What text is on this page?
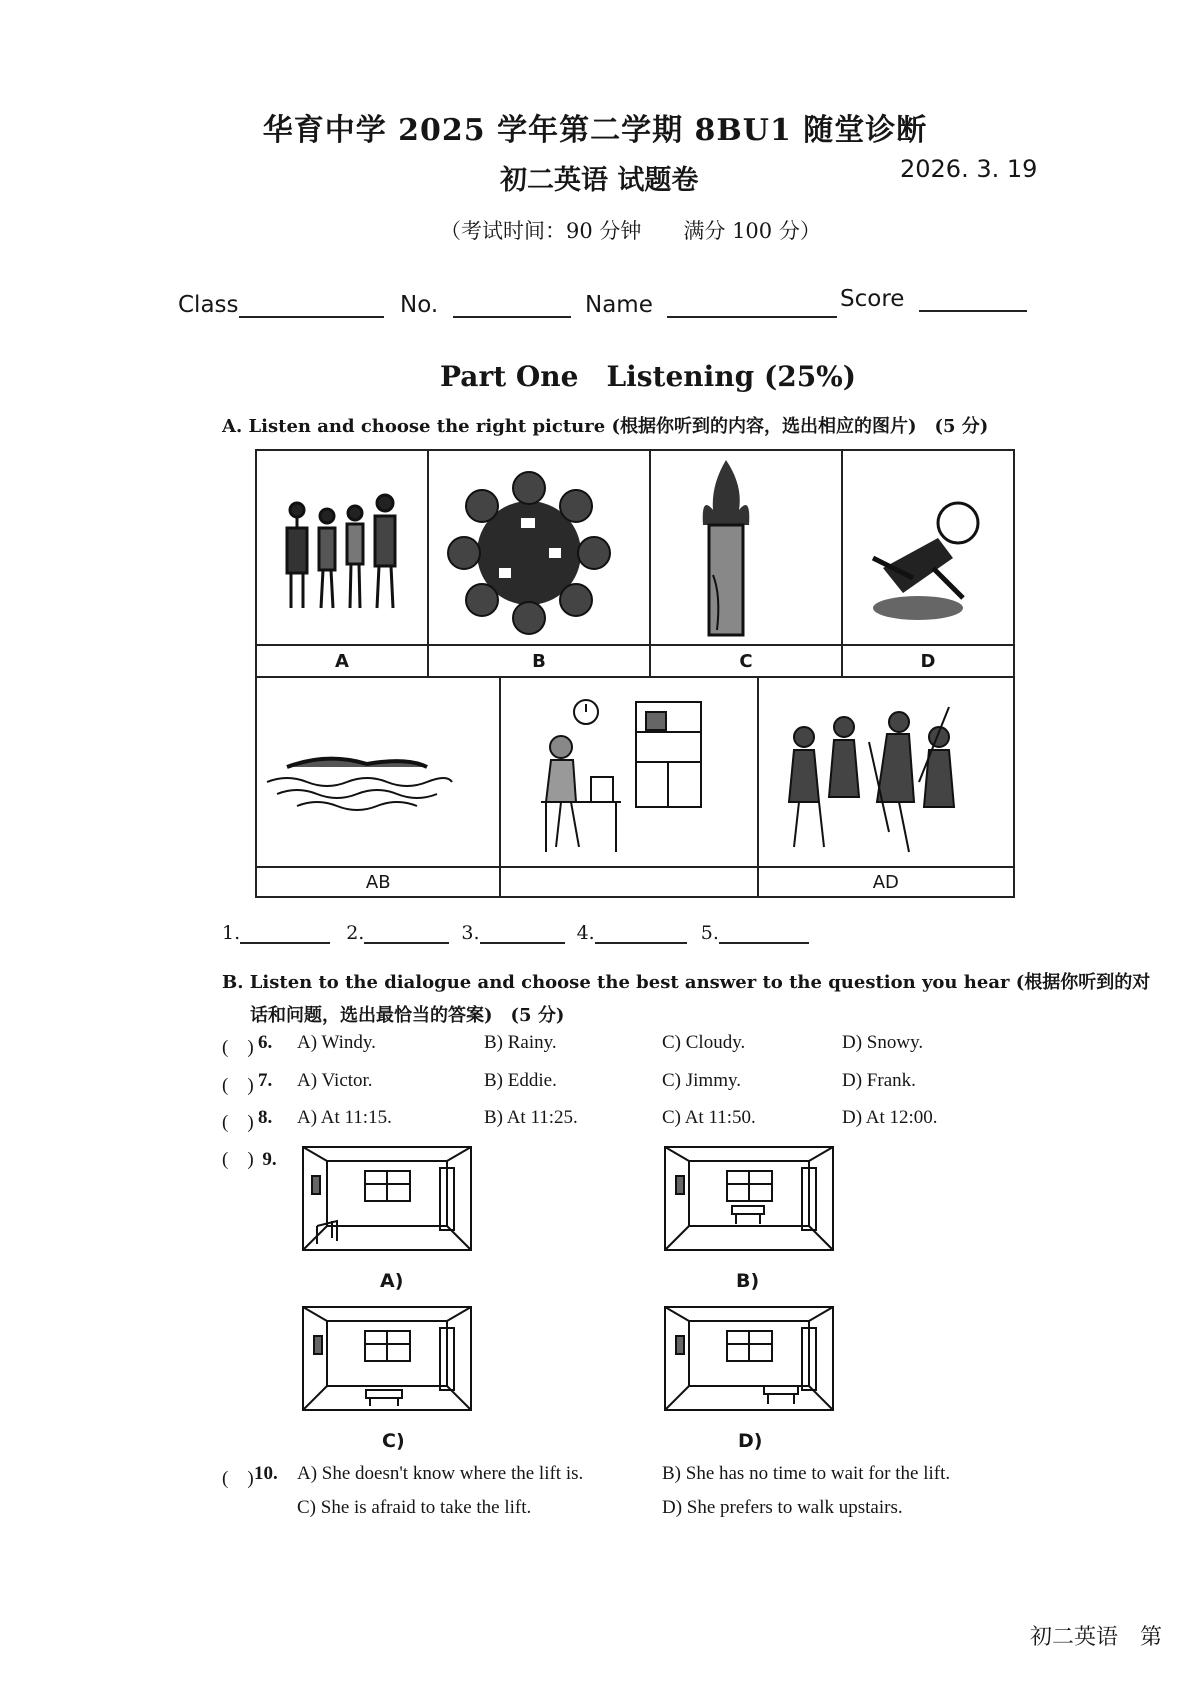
华育中学 2025 学年第二学期 8BU1 随堂诊断
初二英语 试题卷	2026. 3. 19
（考试时间：90 分钟　　满分 100 分）
Class	No.	Name	Score
Part One Listening (25%)
A. Listen and choose the right picture (根据你听到的内容，选出相应的图片)　(5 分)

A	B	C	D

AB		AD
1.	2.	3.	4.	5.
B. Listen to the dialogue and choose the best answer to the question you hear (根据你听到的对
话和问题，选出最恰当的答案)　(5 分)
(　) 6. A) Windy.	B) Rainy.	C) Cloudy.	D) Snowy.
(　) 7. A) Victor.	B) Eddie.	C) Jimmy.	D) Frank.
(　) 8. A) At 11:15.	B) At 11:25.	C) At 11:50.	D) At 12:00.
(　) 9.
A)	B)
C)	D)
(　) 10. A) She doesn't know where the lift is.	B) She has no time to wait for the lift.
C) She is afraid to take the lift.	D) She prefers to walk upstairs.
初二英语　第
